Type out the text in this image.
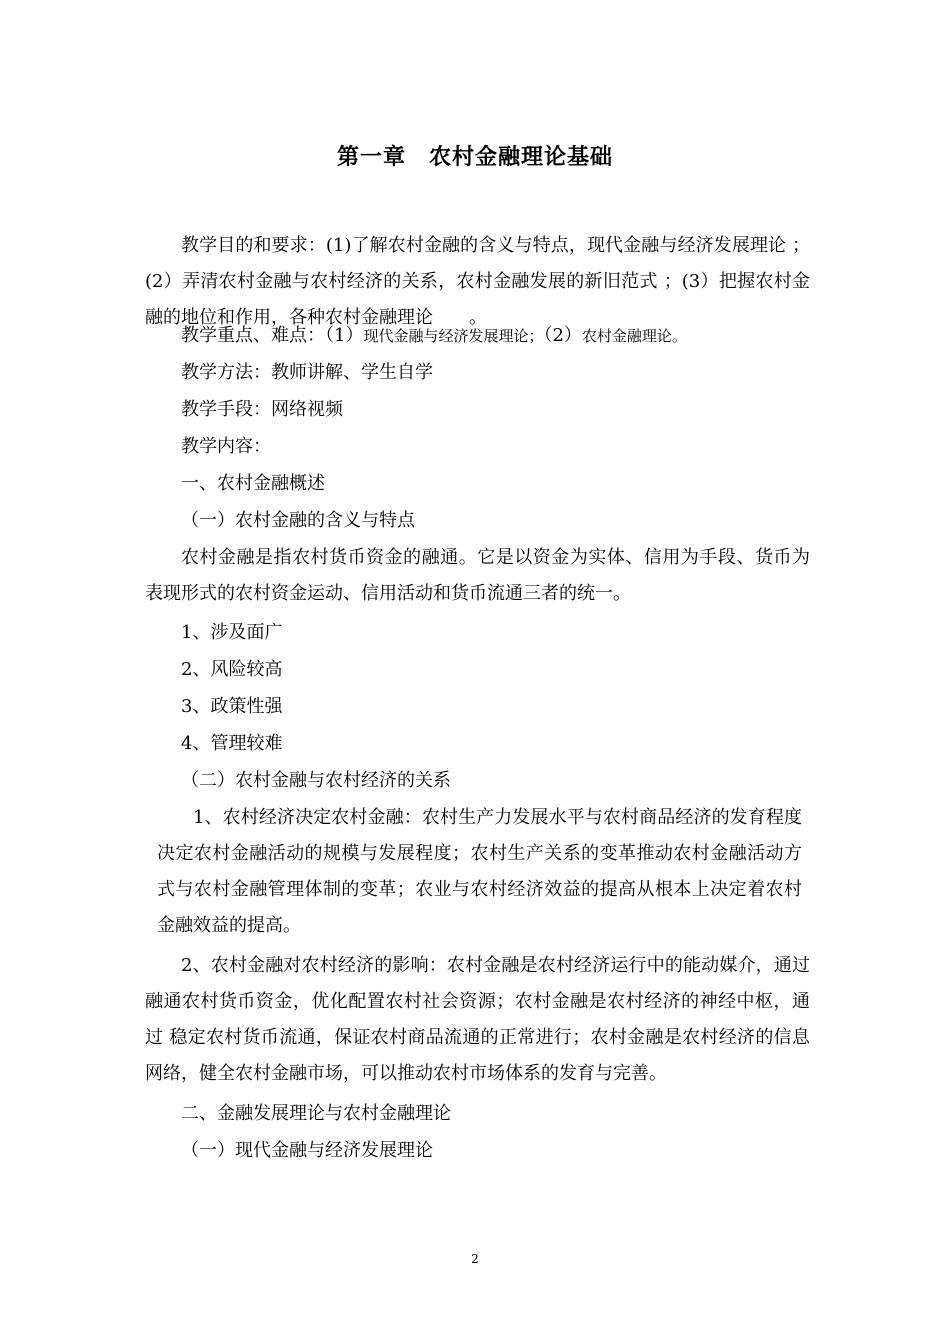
第一章　农村金融理论基础
教学目的和要求：(1)了解农村金融的含义与特点，现代金融与经济发展理论 ；(2）弄清农村金融与农村经济的关系，农村金融发展的新旧范式 ；(3）把握农村金融的地位和作用，各种农村金融理论　　。
教学重点、难点：（1）现代金融与经济发展理论；（2）农村金融理论。
教学方法：教师讲解、学生自学
教学手段：网络视频
教学内容：
一、农村金融概述
（一）农村金融的含义与特点
农村金融是指农村货币资金的融通。它是以资金为实体、信用为手段、货币为表现形式的农村资金运动、信用活动和货币流通三者的统一。
1、涉及面广
2、风险较高
3、政策性强
4、管理较难
（二）农村金融与农村经济的关系
1、农村经济决定农村金融：农村生产力发展水平与农村商品经济的发育程度决定农村金融活动的规模与发展程度；农村生产关系的变革推动农村金融活动方式与农村金融管理体制的变革；农业与农村经济效益的提高从根本上决定着农村金融效益的提高。
2、农村金融对农村经济的影响：农村金融是农村经济运行中的能动媒介，通过融通农村货币资金，优化配置农村社会资源；农村金融是农村经济的神经中枢，通过 稳定农村货币流通，保证农村商品流通的正常进行；农村金融是农村经济的信息网络，健全农村金融市场，可以推动农村市场体系的发育与完善。
二、金融发展理论与农村金融理论
（一）现代金融与经济发展理论
2
